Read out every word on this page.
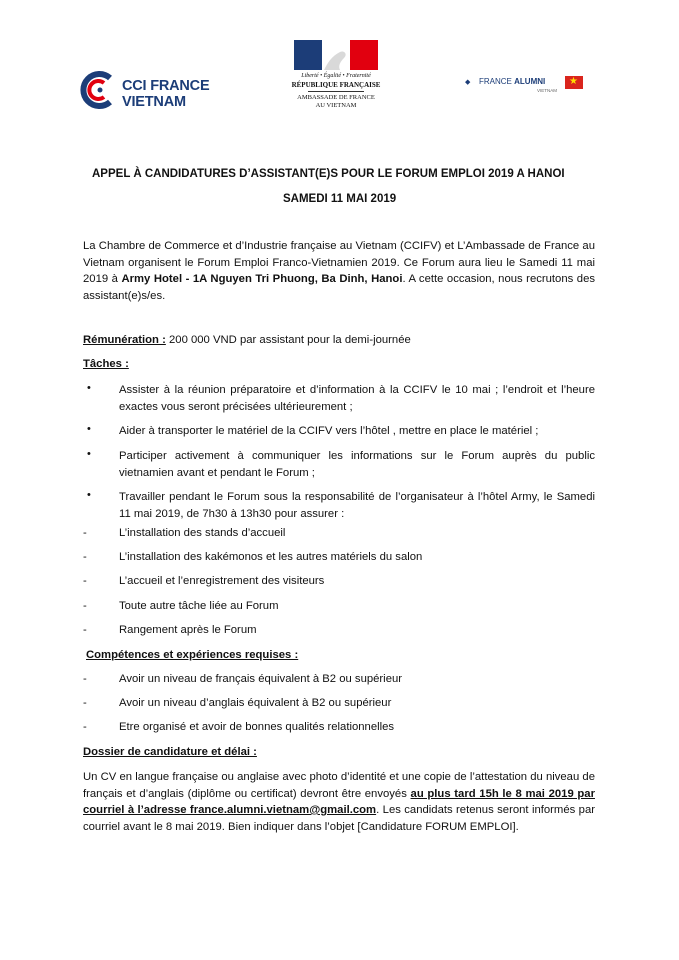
CCI FRANCE
VIETNAM
Liberté • Égalité • Fraternité
RÉPUBLIQUE FRANÇAISE
AMBASSADE DE FRANCE
AU VIETNAM
◆ FRANCE ALUMNI
VIETNAM
★
APPEL À CANDIDATURES D’ASSISTANT(E)S POUR LE FORUM EMPLOI 2019 A HANOI
SAMEDI 11 MAI 2019
La Chambre de Commerce et d’Industrie française au Vietnam (CCIFV) et L’Ambassade de France au Vietnam organisent le Forum Emploi Franco-Vietnamien 2019. Ce Forum aura lieu le Samedi 11 mai 2019 à Army Hotel - 1A Nguyen Tri Phuong, Ba Dinh, Hanoi. A cette occasion, nous recrutons des assistant(e)s/es.
Rémunération : 200 000 VND par assistant pour la demi-journée
Tâches :
• Assister à la réunion préparatoire et d’information à la CCIFV le 10 mai ; l’endroit et l’heure exactes vous seront précisées ultérieurement ;
• Aider à transporter le matériel de la CCIFV vers l’hôtel , mettre en place le matériel ;
• Participer activement à communiquer les informations sur le Forum auprès du public vietnamien avant et pendant le Forum ;
• Travailler pendant le Forum sous la responsabilité de l’organisateur à l’hôtel Army, le Samedi 11 mai 2019, de 7h30 à 13h30 pour assurer :
-	L’installation des stands d’accueil
-	L’installation des kakémonos et les autres matériels du salon
-	L’accueil et l’enregistrement des visiteurs
-	Toute autre tâche liée au Forum
-	Rangement après le Forum
Compétences et expériences requises :
-	Avoir un niveau de français équivalent à B2 ou supérieur
-	Avoir un niveau d’anglais équivalent à B2 ou supérieur
-	Etre organisé et avoir de bonnes qualités relationnelles
Dossier de candidature et délai :
Un CV en langue française ou anglaise avec photo d’identité et une copie de l’attestation du niveau de français et d’anglais (diplôme ou certificat) devront être envoyés au plus tard 15h le 8 mai 2019 par courriel à l’adresse france.alumni.vietnam@gmail.com. Les candidats retenus seront informés par courriel avant le 8 mai 2019. Bien indiquer dans l’objet [Candidature FORUM EMPLOI].
